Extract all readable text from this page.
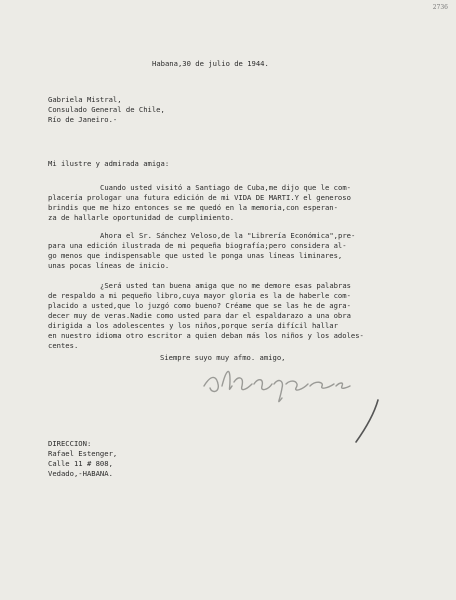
2736
Habana,30 de julio de 1944.
Gabriela Mistral,
Consulado General de Chile,
Río de Janeiro.-
Mi ilustre y admirada amiga:
Cuando usted visitó a Santiago de Cuba,me dijo que le com-
placería prologar una futura edición de mi VIDA DE MARTI.Y el generoso
brindis que me hizo entonces se me quedó en la memoria,con esperan-
za de hallarle oportunidad de cumplimiento.
Ahora el Sr. Sánchez Veloso,de la "Librería Económica",pre-
para una edición ilustrada de mi pequeña biografía;pero considera al-
go menos que indispensable que usted le ponga unas líneas liminares,
unas pocas líneas de inicio.
¿Será usted tan buena amiga que no me demore esas palabras
de respaldo a mi pequeño libro,cuya mayor gloria es la de haberle com-
placido a usted,que lo juzgó como bueno? Créame que se las he de agra-
decer muy de veras.Nadie como usted para dar el espaldarazo a una obra
dirigida a los adolescentes y los niños,porque sería difícil hallar
en nuestro idioma otro escritor a quien deban más los niños y los adoles-
centes.
Siempre suyo muy afmo. amigo,
DIRECCION:
Rafael Estenger,
Calle 11 # 808,
Vedado,-HABANA.
